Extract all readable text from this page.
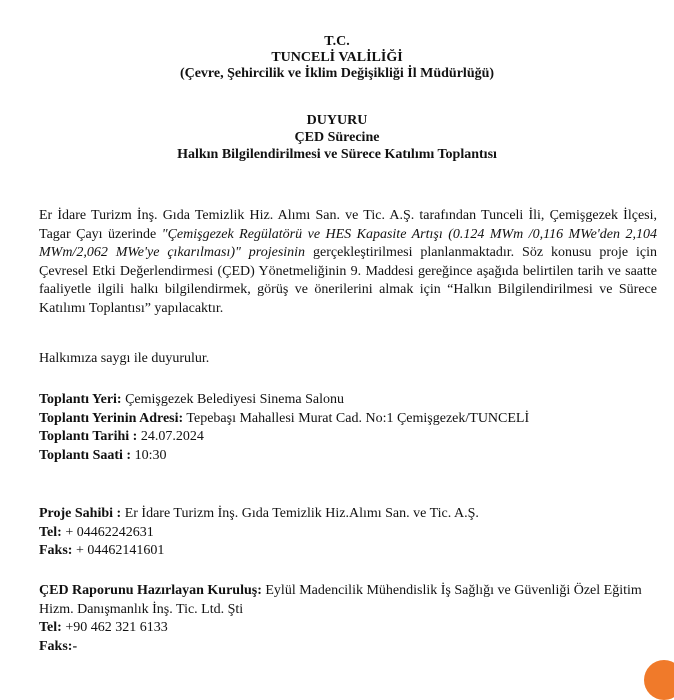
T.C.
TUNCELİ VALİLİĞİ
(Çevre, Şehircilik ve İklim Değişikliği İl Müdürlüğü)
DUYURU
ÇED Sürecine
Halkın Bilgilendirilmesi ve Sürece Katılımı Toplantısı
Er İdare Turizm İnş. Gıda Temizlik Hiz. Alımı San. ve Tic. A.Ş. tarafından Tunceli İli, Çemişgezek İlçesi, Tagar Çayı üzerinde "Çemişgezek Regülatörü ve HES Kapasite Artışı (0.124 MWm /0,116 MWe'den 2,104 MWm/2,062 MWe'ye çıkarılması)" projesinin gerçekleştirilmesi planlanmaktadır. Söz konusu proje için Çevresel Etki Değerlendirmesi (ÇED) Yönetmeliğinin 9. Maddesi gereğince aşağıda belirtilen tarih ve saatte faaliyetle ilgili halkı bilgilendirmek, görüş ve önerilerini almak için “Halkın Bilgilendirilmesi ve Sürece Katılımı Toplantısı” yapılacaktır.
Halkımıza saygı ile duyurulur.
Toplantı Yeri: Çemişgezek Belediyesi Sinema Salonu
Toplantı Yerinin Adresi: Tepebaşı Mahallesi Murat Cad. No:1 Çemişgezek/TUNCELİ
Toplantı Tarihi : 24.07.2024
Toplantı Saati : 10:30
Proje Sahibi : Er İdare Turizm İnş. Gıda Temizlik Hiz.Alımı San. ve Tic. A.Ş.
Tel: + 04462242631
Faks: + 04462141601
ÇED Raporunu Hazırlayan Kuruluş: Eylül Madencilik Mühendislik İş Sağlığı ve Güvenliği Özel Eğitim Hizm. Danışmanlık İnş. Tic. Ltd. Şti
Tel: +90 462 321 6133
Faks:-
